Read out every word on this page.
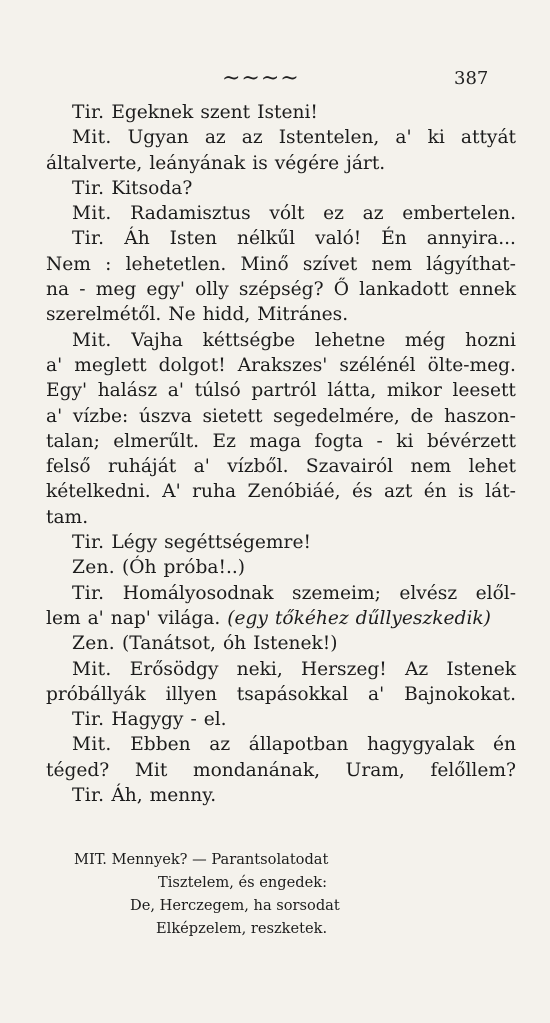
~~~~	387
Tir. Egeknek szent Isteni!
Mit. Ugyan az az Istentelen, a' ki attyát
általverte, leányának is végére járt.
Tir. Kitsoda?
Mit. Radamisztus vólt ez az embertelen.
Tir. Áh Isten nélkűl való! Én annyira...
Nem : lehetetlen. Minő szívet nem lágyíthat-
na - meg egy' olly szépség? Ő lankadott ennek
szerelmétől. Ne hidd, Mitránes.
Mit. Vajha kéttségbe lehetne még hozni
a' meglett dolgot! Arakszes' szélénél ölte-meg.
Egy' halász a' túlsó partról látta, mikor leesett
a' vízbe: úszva sietett segedelmére, de haszon-
talan; elmerűlt. Ez maga fogta - ki bévérzett
felső ruháját a' vízből. Szavairól nem lehet
kételkedni. A' ruha Zenóbiáé, és azt én is lát-
tam.
Tir. Légy segéttségemre!
Zen. (Óh próba!..)
Tir. Homályosodnak szemeim; elvész elől-
lem a' nap' világa. (egy tőkéhez dűllyeszkedik)
Zen. (Tanátsot, óh Istenek!)
Mit. Erősödgy neki, Herszeg! Az Istenek
próbállyák illyen tsapásokkal a' Bajnokokat.
Tir. Hagygy - el.
Mit. Ebben az állapotban hagygyalak én
téged? Mit mondanának, Uram, felőllem?
Tir. Áh, menny.
MIT. Mennyek? — Parantsolatodat
Tisztelem, és engedek:
De, Herczegem, ha sorsodat
Elképzelem, reszketek.
